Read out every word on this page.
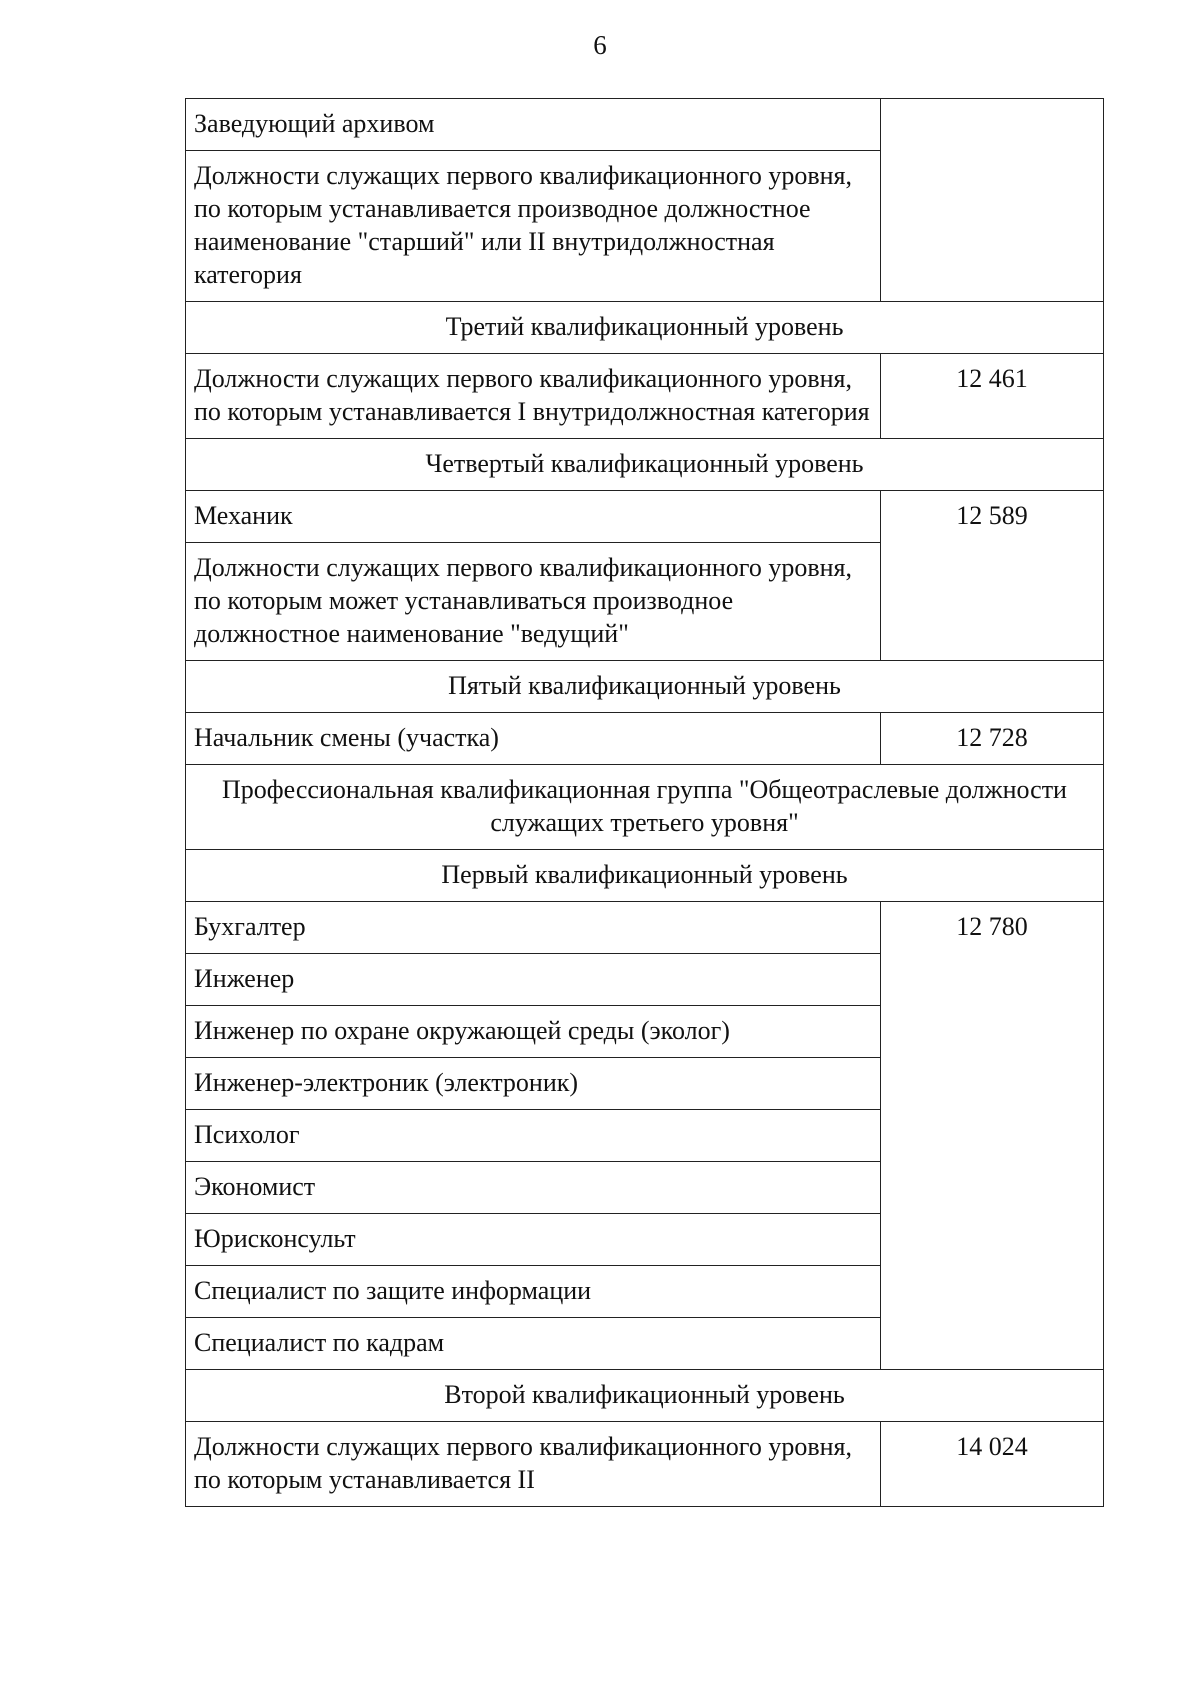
6
Заведующий архивом	
Должности служащих первого квалификационного уровня, по которым устанавливается производное должностное наименование "старший" или II внутридолжностная категория	
Третий квалификационный уровень	
Должности служащих первого квалификационного уровня, по которым устанавливается I внутридолжностная категория	12 461
Четвертый квалификационный уровень	
Механик	12 589
Должности служащих первого квалификационного уровня, по которым может устанавливаться производное должностное наименование "ведущий"	
Пятый квалификационный уровень	
Начальник смены (участка)	12 728
Профессиональная квалификационная группа "Общеотраслевые должности служащих третьего уровня"	
Первый квалификационный уровень	
Бухгалтер	12 780
Инженер	
Инженер по охране окружающей среды (эколог)	
Инженер-электроник (электроник)	
Психолог	
Экономист	
Юрисконсульт	
Специалист по защите информации	
Специалист по кадрам	
Второй квалификационный уровень	
Должности служащих первого квалификационного уровня, по которым устанавливается II	14 024
